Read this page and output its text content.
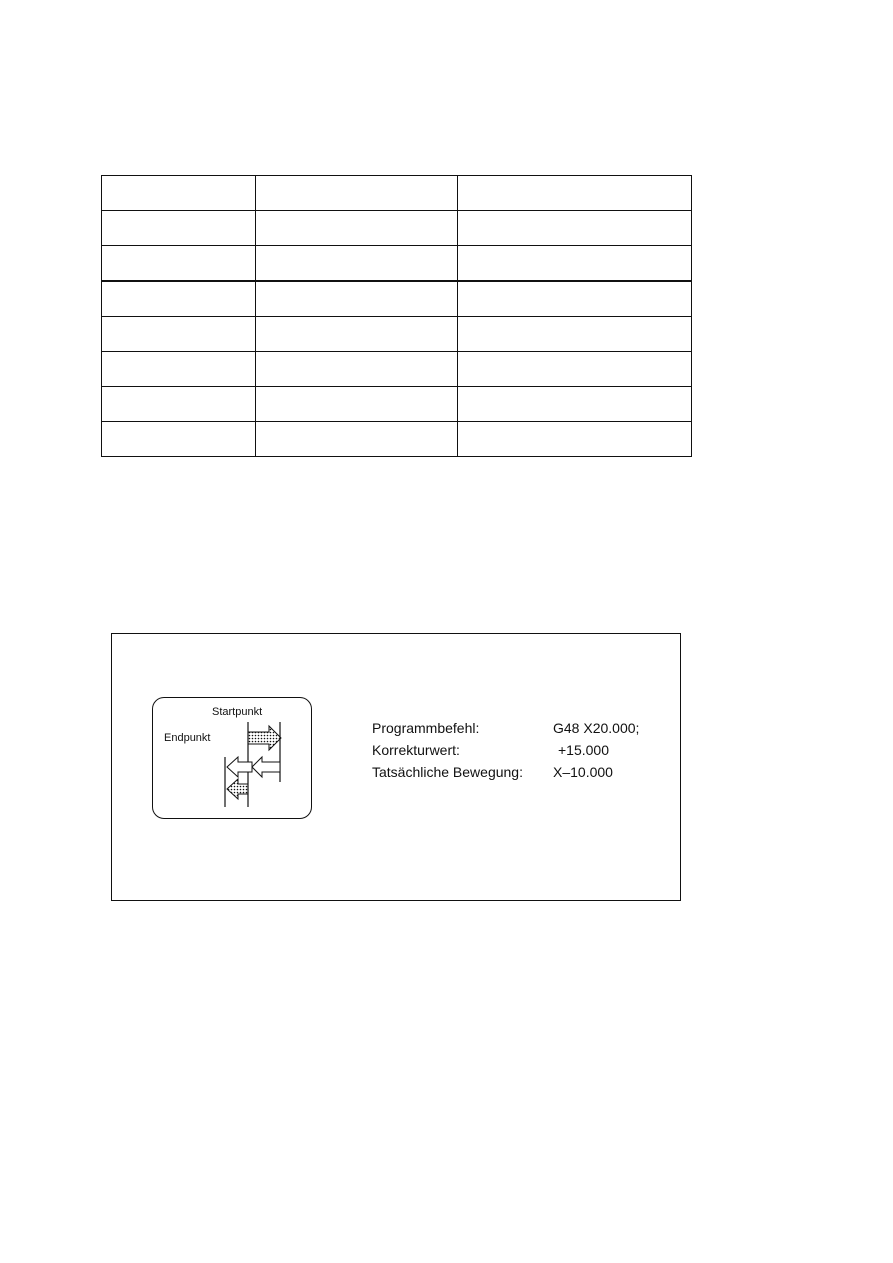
Startpunkt
Endpunkt
Programmbefehl:	G48 X20.000;
Korrekturwert:	+15.000
Tatsächliche Bewegung: X–10.000
